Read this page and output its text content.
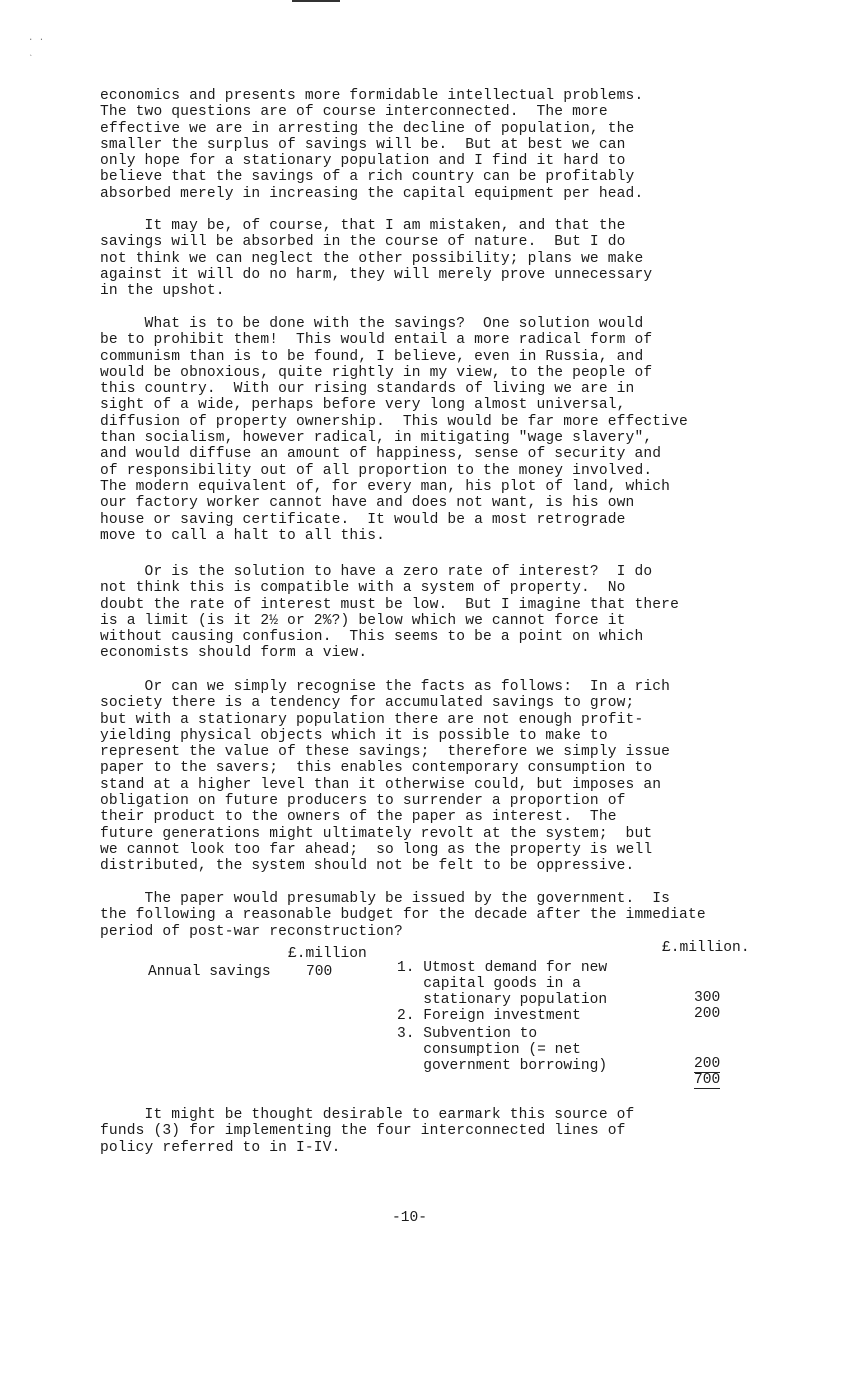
· ·
ˎ
economics and presents more formidable intellectual problems.
The two questions are of course interconnected.  The more
effective we are in arresting the decline of population, the
smaller the surplus of savings will be.  But at best we can
only hope for a stationary population and I find it hard to
believe that the savings of a rich country can be profitably
absorbed merely in increasing the capital equipment per head.
It may be, of course, that I am mistaken, and that the
savings will be absorbed in the course of nature.  But I do
not think we can neglect the other possibility; plans we make
against it will do no harm, they will merely prove unnecessary
in the upshot.
What is to be done with the savings?  One solution would
be to prohibit them!  This would entail a more radical form of
communism than is to be found, I believe, even in Russia, and
would be obnoxious, quite rightly in my view, to the people of
this country.  With our rising standards of living we are in
sight of a wide, perhaps before very long almost universal,
diffusion of property ownership.  This would be far more effective
than socialism, however radical, in mitigating "wage slavery",
and would diffuse an amount of happiness, sense of security and
of responsibility out of all proportion to the money involved.
The modern equivalent of, for every man, his plot of land, which
our factory worker cannot have and does not want, is his own
house or saving certificate.  It would be a most retrograde
move to call a halt to all this.
Or is the solution to have a zero rate of interest?  I do
not think this is compatible with a system of property.  No
doubt the rate of interest must be low.  But I imagine that there
is a limit (is it 2½ or 2%?) below which we cannot force it
without causing confusion.  This seems to be a point on which
economists should form a view.
Or can we simply recognise the facts as follows:  In a rich
society there is a tendency for accumulated savings to grow;
but with a stationary population there are not enough profit-
yielding physical objects which it is possible to make to
represent the value of these savings;  therefore we simply issue
paper to the savers;  this enables contemporary consumption to
stand at a higher level than it otherwise could, but imposes an
obligation on future producers to surrender a proportion of
their product to the owners of the paper as interest.  The
future generations might ultimately revolt at the system;  but
we cannot look too far ahead;  so long as the property is well
distributed, the system should not be felt to be oppressive.
The paper would presumably be issued by the government.  Is
the following a reasonable budget for the decade after the immediate
period of post-war reconstruction?
£.million	£.million.
Annual savings 700	1. Utmost demand for new
capital goods in a
stationary population	300
2. Foreign investment	200
3. Subvention to
consumption (= net
government borrowing)	200
700
It might be thought desirable to earmark this source of
funds (3) for implementing the four interconnected lines of
policy referred to in I-IV.
-10-
